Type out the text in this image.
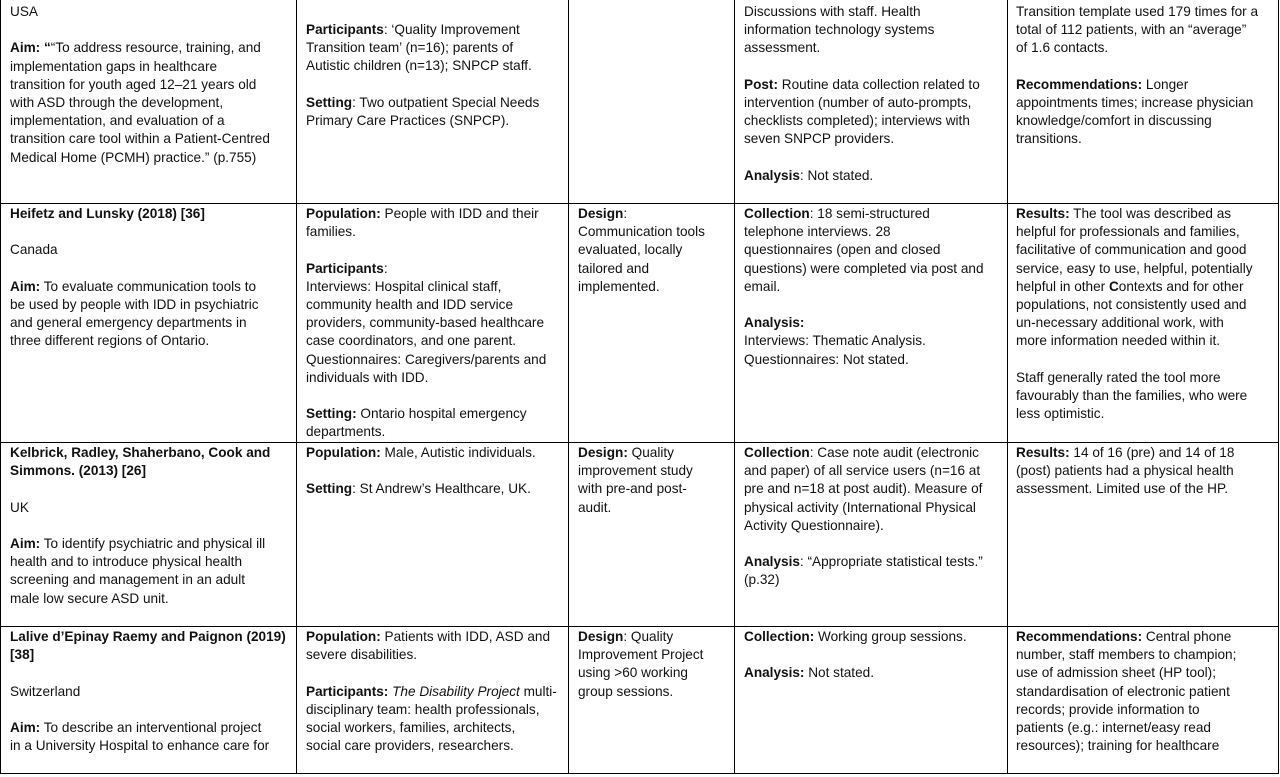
USA

Aim: ““To address resource, training, and

implementation gaps in healthcare

transition for youth aged 12–21 years old

with ASD through the development,

implementation, and evaluation of a

transition care tool within a Patient-Centred

Medical Home (PCMH) practice.” (p.755)

Participants: ‘Quality Improvement

Transition team’ (n=16); parents of

Autistic children (n=13); SNPCP staff.

Setting: Two outpatient Special Needs

Primary Care Practices (SNPCP).

Discussions with staff. Health

information technology systems

assessment.

Post: Routine data collection related to

intervention (number of auto-prompts,

checklists completed); interviews with

seven SNPCP providers.

Analysis: Not stated.

Transition template used 179 times for a

total of 112 patients, with an “average”

of 1.6 contacts.

Recommendations: Longer

appointments times; increase physician

knowledge/comfort in discussing

transitions.

Heifetz and Lunsky (2018) [36]

Canada

Aim: To evaluate communication tools to

be used by people with IDD in psychiatric

and general emergency departments in

three different regions of Ontario.

Population: People with IDD and their

families.

Participants:

Interviews: Hospital clinical staff,

community health and IDD service

providers, community-based healthcare

case coordinators, and one parent.

Questionnaires: Caregivers/parents and

individuals with IDD.

Setting: Ontario hospital emergency

departments.

Design:

Communication tools

evaluated, locally

tailored and

implemented.

Collection: 18 semi-structured

telephone interviews. 28

questionnaires (open and closed

questions) were completed via post and

email.

Analysis:

Interviews: Thematic Analysis.

Questionnaires: Not stated.

Results: The tool was described as

helpful for professionals and families,

facilitative of communication and good

service, easy to use, helpful, potentially

helpful in other Contexts and for other

populations, not consistently used and

un-necessary additional work, with

more information needed within it.

Staff generally rated the tool more

favourably than the families, who were

less optimistic.

Kelbrick, Radley, Shaherbano, Cook and

Simmons. (2013) [26]

UK

Aim: To identify psychiatric and physical ill

health and to introduce physical health

screening and management in an adult

male low secure ASD unit.

Population: Male, Autistic individuals.

Setting: St Andrew’s Healthcare, UK.

Design: Quality

improvement study

with pre-and post-

audit.

Collection: Case note audit (electronic

and paper) of all service users (n=16 at

pre and n=18 at post audit). Measure of

physical activity (International Physical

Activity Questionnaire).

Analysis: “Appropriate statistical tests.”

(p.32)

Results: 14 of 16 (pre) and 14 of 18

(post) patients had a physical health

assessment. Limited use of the HP.

Lalive d’Epinay Raemy and Paignon (2019)

[38]

Switzerland

Aim: To describe an interventional project

in a University Hospital to enhance care for

Population: Patients with IDD, ASD and

severe disabilities.

Participants: The Disability Project multi-

disciplinary team: health professionals,

social workers, families, architects,

social care providers, researchers.

Design: Quality

Improvement Project

using >60 working

group sessions.

Collection: Working group sessions.

Analysis: Not stated.

Recommendations: Central phone

number, staff members to champion;

use of admission sheet (HP tool);

standardisation of electronic patient

records; provide information to

patients (e.g.: internet/easy read

resources); training for healthcare
